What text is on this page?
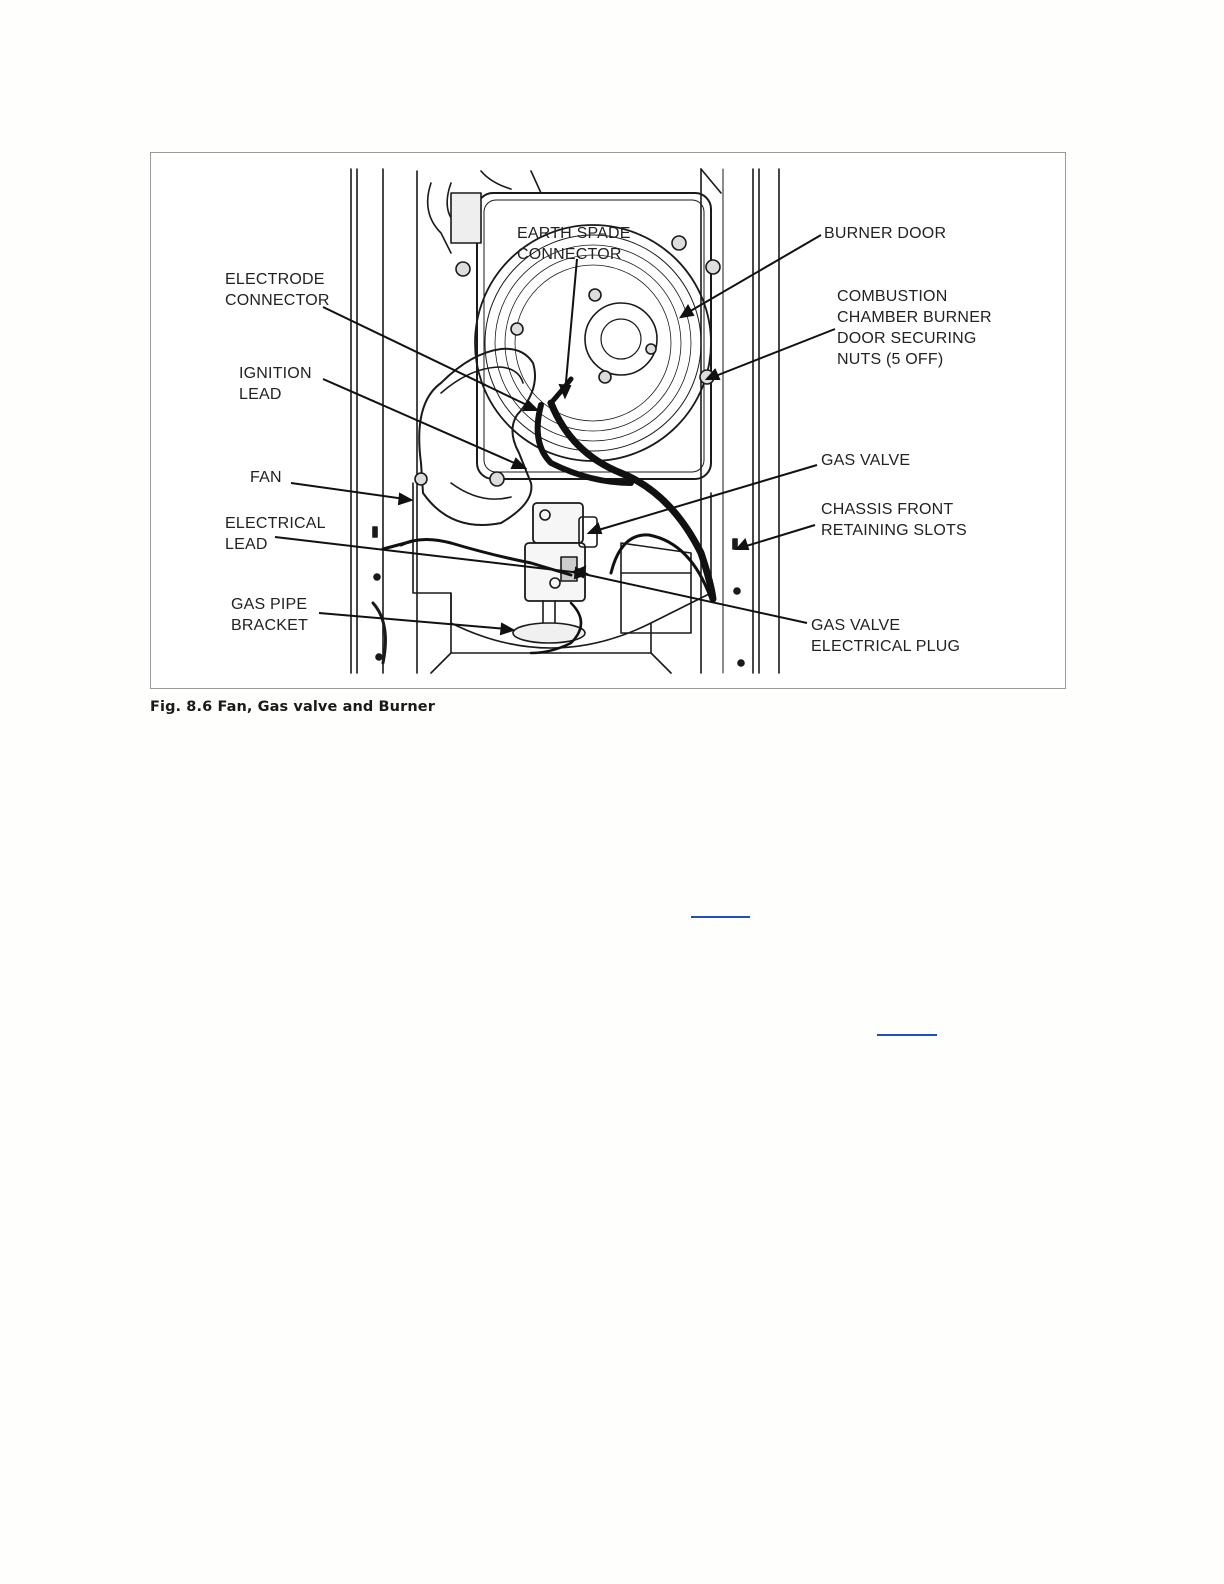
EARTH SPADE
CONNECTOR
BURNER DOOR
ELECTRODE
CONNECTOR	COMBUSTION
CHAMBER BURNER
DOOR SECURING
NUTS (5 OFF)
IGNITION
LEAD
GAS VALVE
FAN
CHASSIS FRONT
RETAINING SLOTS
ELECTRICAL
LEAD
GAS PIPE
BRACKET	GAS VALVE
ELECTRICAL PLUG
Fig. 8.6 Fan, Gas valve and Burner
